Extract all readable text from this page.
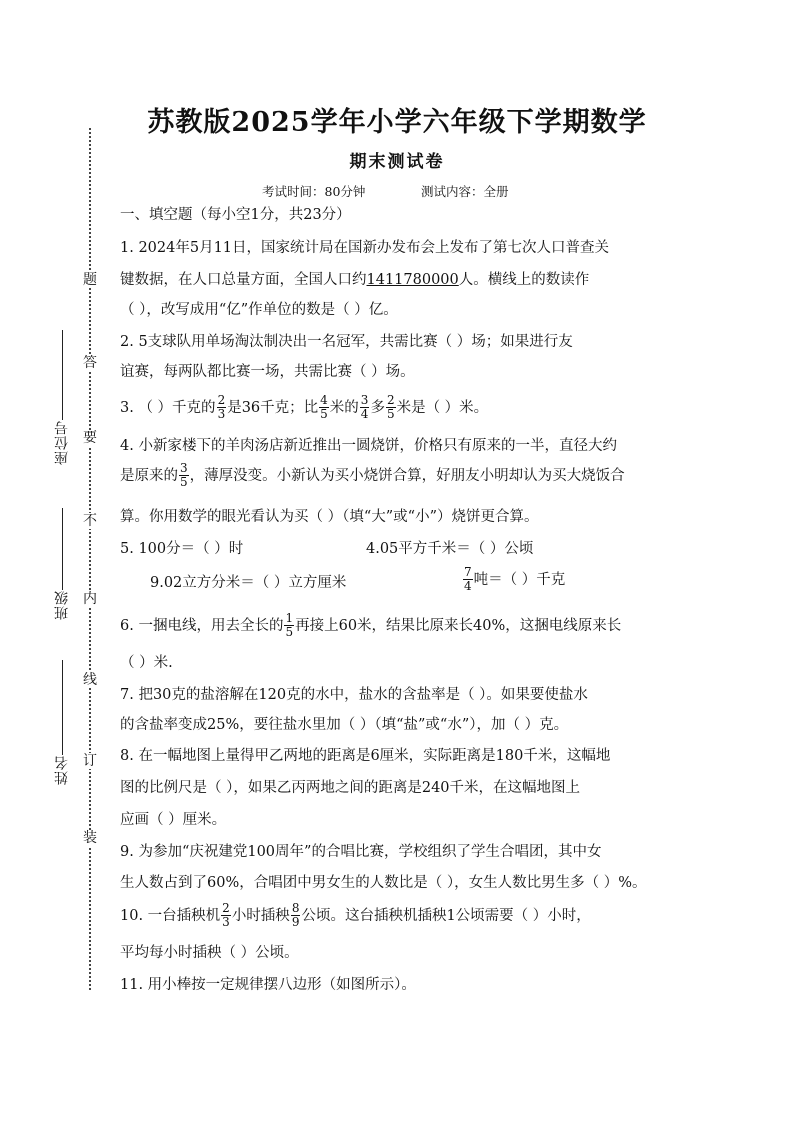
题
答
要
不
内
线
订
装
座位号
班级
姓名
苏教版2025学年小学六年级下学期数学
期末测试卷
考试时间：80分钟	测试内容：全册
一、填空题（每小空1分，共23分）
1. 2024年5月11日，国家统计局在国新办发布会上发布了第七次人口普查关
键数据，在人口总量方面，全国人口约1411780000人。横线上的数读作
（ ），改写成用“亿”作单位的数是（ ）亿。
2. 5支球队用单场淘汰制决出一名冠军，共需比赛（ ）场；如果进行友
谊赛，每两队都比赛一场，共需比赛（ ）场。
3. （ ）千克的 $\frac{2}{3}$ 是36千克；比 $\frac{4}{5}$ 米的 $\frac{3}{4}$ 多 $\frac{2}{5}$ 米是（ ）米。
4. 小新家楼下的羊肉汤店新近推出一圆烧饼，价格只有原来的一半，直径大约
是原来的 $\frac{3}{5}$ ，薄厚没变。小新认为买小烧饼合算，好朋友小明却认为买大烧饭合
算。你用数学的眼光看认为买（ ）（填“大”或“小”）烧饼更合算。
5. 100分＝（ ）时	4.05平方千米＝（ ）公顷
9.02立方分米＝（ ）立方厘米	$\frac{7}{4}$ 吨＝（ ）千克
6. 一捆电线，用去全长的 $\frac{1}{5}$ 再接上60米，结果比原来长40%，这捆电线原来长
（ ）米.
7. 把30克的盐溶解在120克的水中，盐水的含盐率是（ ）。如果要使盐水
的含盐率变成25%，要往盐水里加（ ）（填“盐”或“水”），加（ ）克。
8. 在一幅地图上量得甲乙两地的距离是6厘米，实际距离是180千米，这幅地
图的比例尺是（ ），如果乙丙两地之间的距离是240千米，在这幅地图上
应画（ ）厘米。
9. 为参加“庆祝建党100周年”的合唱比赛，学校组织了学生合唱团，其中女
生人数占到了60%，合唱团中男女生的人数比是（ ），女生人数比男生多（ ）%。
10. 一台插秧机 $\frac{2}{3}$ 小时插秧 $\frac{8}{9}$ 公顷。这台插秧机插秧1公顷需要（ ）小时，
平均每小时插秧（ ）公顷。
11. 用小棒按一定规律摆八边形（如图所示）。
